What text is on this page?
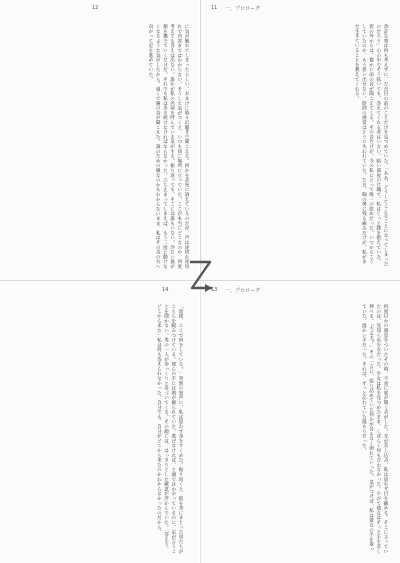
12
に気が触れてしまったらしい。おまけに時々幻聴まで聞こえる。何かを必死に訴えているのだが、声は途切れ途切れで内容まではわからない。そうして気がつくと、いつも同じ場所に立っていた。ここが本当にどこなのか、何度考えても答えは出ない。誰かが私の名前を呼んでいる気がする。振り返っても、そこには誰もいない。冷たい風が頬を撫でていくだけだ。それでも私は歩き続けなければならなかった。立ち止まってしまえば、もう二度と動けなくなるような気がしたから。遠くで鐘の音が聞こえた。誰のための鐘なのかもわからないまま、私はその音の方へ向かって足を進めていた。
11 一、プロローグ
余計な事は何も考えずに、ただ目の前のことだけを見つめていた。「ああ、どうしてこんなことになってしまったのだろう」心の中でそう呟いても、答えてくれる者はいない。暗い部屋の片隅で、私はじっと膝を抱えていた。窓の外からは、微かに雨の音が聞こえてくる。その音だけが、今の私にとって唯一の慰めだった。いつからこうしていたのか、もう思い出せない。時間の感覚はとうに失われていた。ただ、胸の奥に残る痛みだけが、私がまだ生きていることを教えてくれる。
14
「貴様、ここで何をしている！」突然の怒声に、私は思わず身をすくめた。振り向くと、鎧を身にまとった男たちがこちらを睨みつけている。彼らの手には剣が握られていた。逃げなければ、と頭ではわかっているのに、足が言うことを聞かない。男の一人がゆっくりと近づいてくる。その顔には、はっきりとした敵意が浮かんでいた。「答えろ。どこから来た」私は何も答えられなかった。自分でも、自分がどこから来たのかわからなかったのだから。
13 一、プロローグ
何度目かの溜息をついたその時、不意に扉が開く音がした。光が差し込み、私は思わず目を細める。そこに立っていたのは、見知らぬ少女だった。少女は私を見つめたまま、しばらく何も言わなかった。やがて彼女はそっと手を差し伸べる。「大丈夫？」その一言に、張り詰めていた何かが音もなく崩れていった。気がつけば、私は彼女の手を取っていた。温かい手だった。それは、ずっと忘れていた温もりだった。
